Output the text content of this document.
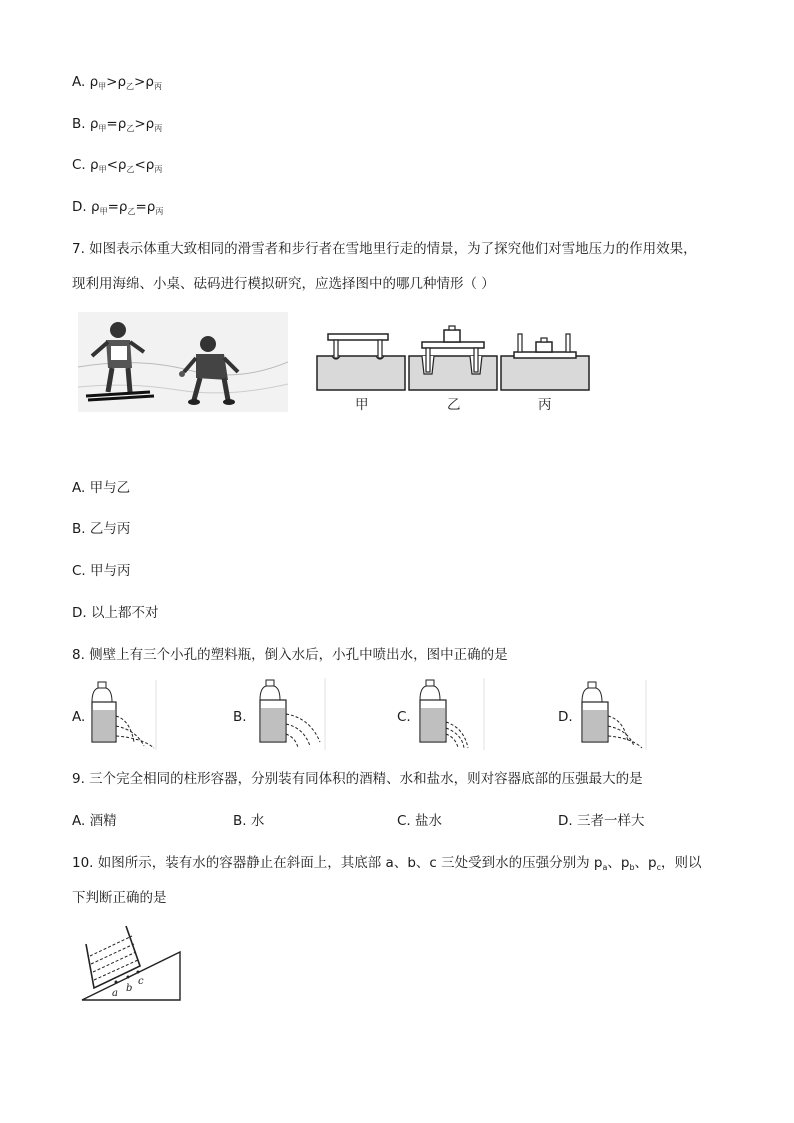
A. $\rho_甲>\rho_乙>\rho_丙$
B. $\rho_甲=\rho_乙>\rho_丙$
C. $\rho_甲<\rho_乙<\rho_丙$
D. $\rho_甲=\rho_乙=\rho_丙$
7. 如图表示体重大致相同的滑雪者和步行者在雪地里行走的情景，为了探究他们对雪地压力的作用效果，
现利用海绵、小桌、砝码进行模拟研究，应选择图中的哪几种情形（ ）
甲	乙	丙
A. 甲与乙
B. 乙与丙
C. 甲与丙
D. 以上都不对
8. 侧壁上有三个小孔的塑料瓶，倒入水后，小孔中喷出水，图中正确的是
A.	B.	C.	D.
9. 三个完全相同的柱形容器，分别装有同体积的酒精、水和盐水，则对容器底部的压强最大的是
A. 酒精	B. 水	C. 盐水	D. 三者一样大
10. 如图所示，装有水的容器静止在斜面上，其底部 a、b、c 三处受到水的压强分别为 $p_a$、$p_b$、$p_c$，则以
下判断正确的是
a b
c
